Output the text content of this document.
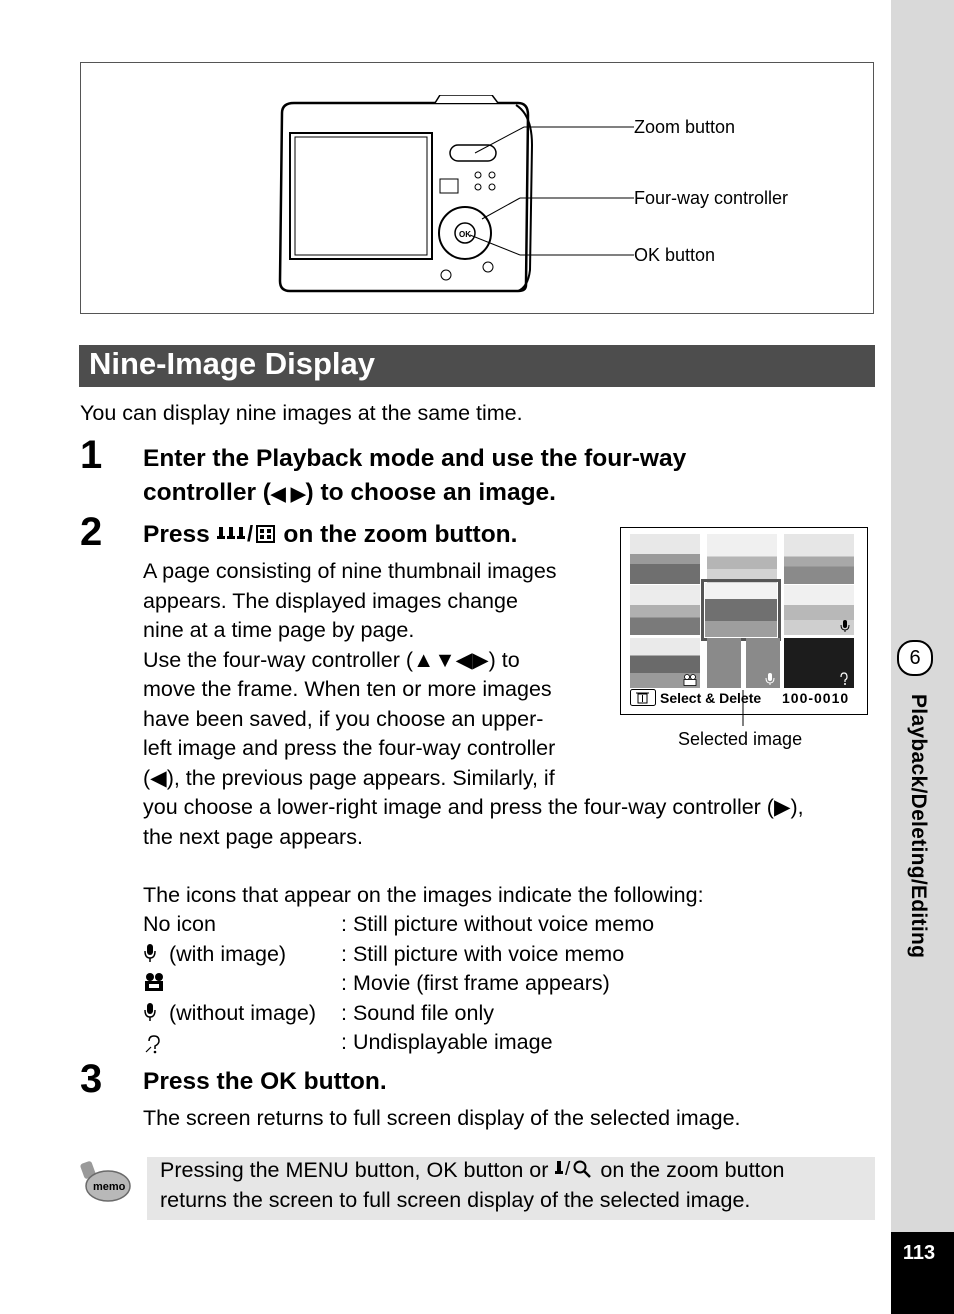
6
Playback/Deleting/Editing
113
OK
Zoom button
Four-way controller
OK button
Nine-Image Display
You can display nine images at the same time.
1 Enter the Playback mode and use the four-way
controller (◀ ▶) to choose an image.
2 Press / on the zoom button.
A page consisting of nine thumbnail images
appears. The displayed images change
nine at a time page by page.
Use the four-way controller (▲▼◀▶) to
move the frame. When ten or more images
have been saved, if you choose an upper-
left image and press the four-way controller
(◀), the previous page appears. Similarly, if
you choose a lower-right image and press the four-way controller (▶),
the next page appears.
The icons that appear on the images indicate the following:
No icon	: Still picture without voice memo
(with image)	: Still picture with voice memo
: Movie (first frame appears)
(without image) : Sound file only
: Undisplayable image
Select & Delete 100-0010
Selected image
3 Press the OK button.
The screen returns to full screen display of the selected image.
memo
Pressing the MENU button, OK button or / on the zoom button
returns the screen to full screen display of the selected image.
